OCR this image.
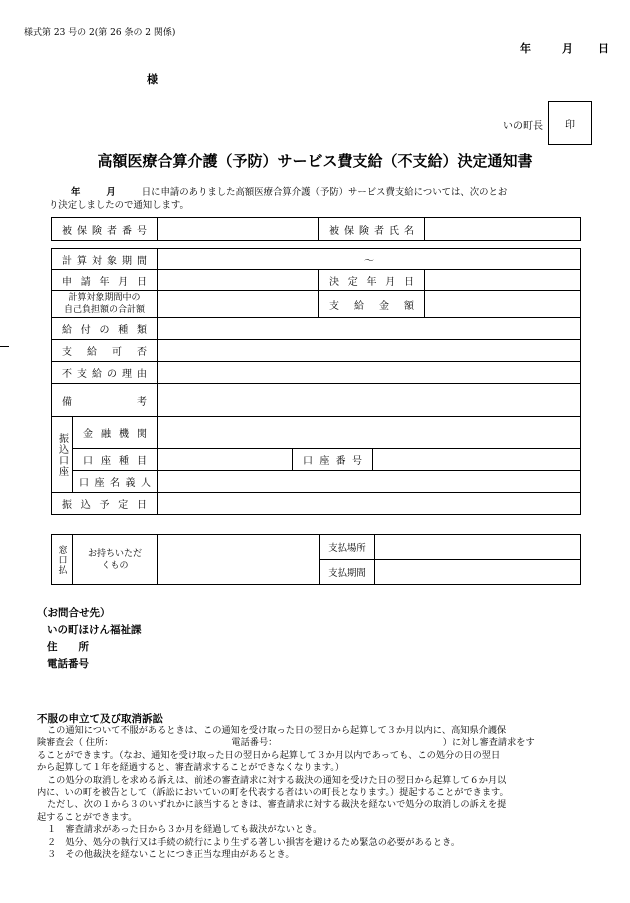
様式第 23 号の 2(第 26 条の 2 関係)
年	月 日
様
いの町長 印
高額医療合算介護（予防）サービス費支給（不支給）決定通知書
年	月	日に申請のありました高額医療合算介護（予防）サービス費支給については、次のとお
り決定しましたので通知します。
被保険者番号		被保険者氏名	
計算対象期間		～				
申請年月日				決定年月日		

計算対象期間中の
自己負担額の合計額				支給金額		
給付の種類						
支給可否						
不支給の理由						
備考						
振込口座	金融機関					
	口座種目		口座番号			
	口座名義人					
振込予定日						
窓口払	お持ちいただ
くもの		支払場所	
			支払期間	
（お問合せ先）
いの町ほけん福祉課
住　　所
電話番号
不服の申立て及び取消訴訟
この通知について不服があるときは、この通知を受け取った日の翌日から起算して３か月以内に、高知県介護保
険審査会（ 住所：	電話番号：	）に対し審査請求をす
ることができます。（なお、通知を受け取った日の翌日から起算して３か月以内であっても、この処分の日の翌日
から起算して１年を経過すると、審査請求することができなくなります。）
この処分の取消しを求める訴えは、前述の審査請求に対する裁決の通知を受けた日の翌日から起算して６か月以
内に、いの町を被告として（訴訟においていの町を代表する者はいの町長となります。）提起することができます。
ただし、次の１から３のいずれかに該当するときは、審査請求に対する裁決を経ないで処分の取消しの訴えを提
起することができます。
１　審査請求があった日から３か月を経過しても裁決がないとき。
２　処分、処分の執行又は手続の続行により生ずる著しい損害を避けるため緊急の必要があるとき。
３　その他裁決を経ないことにつき正当な理由があるとき。
